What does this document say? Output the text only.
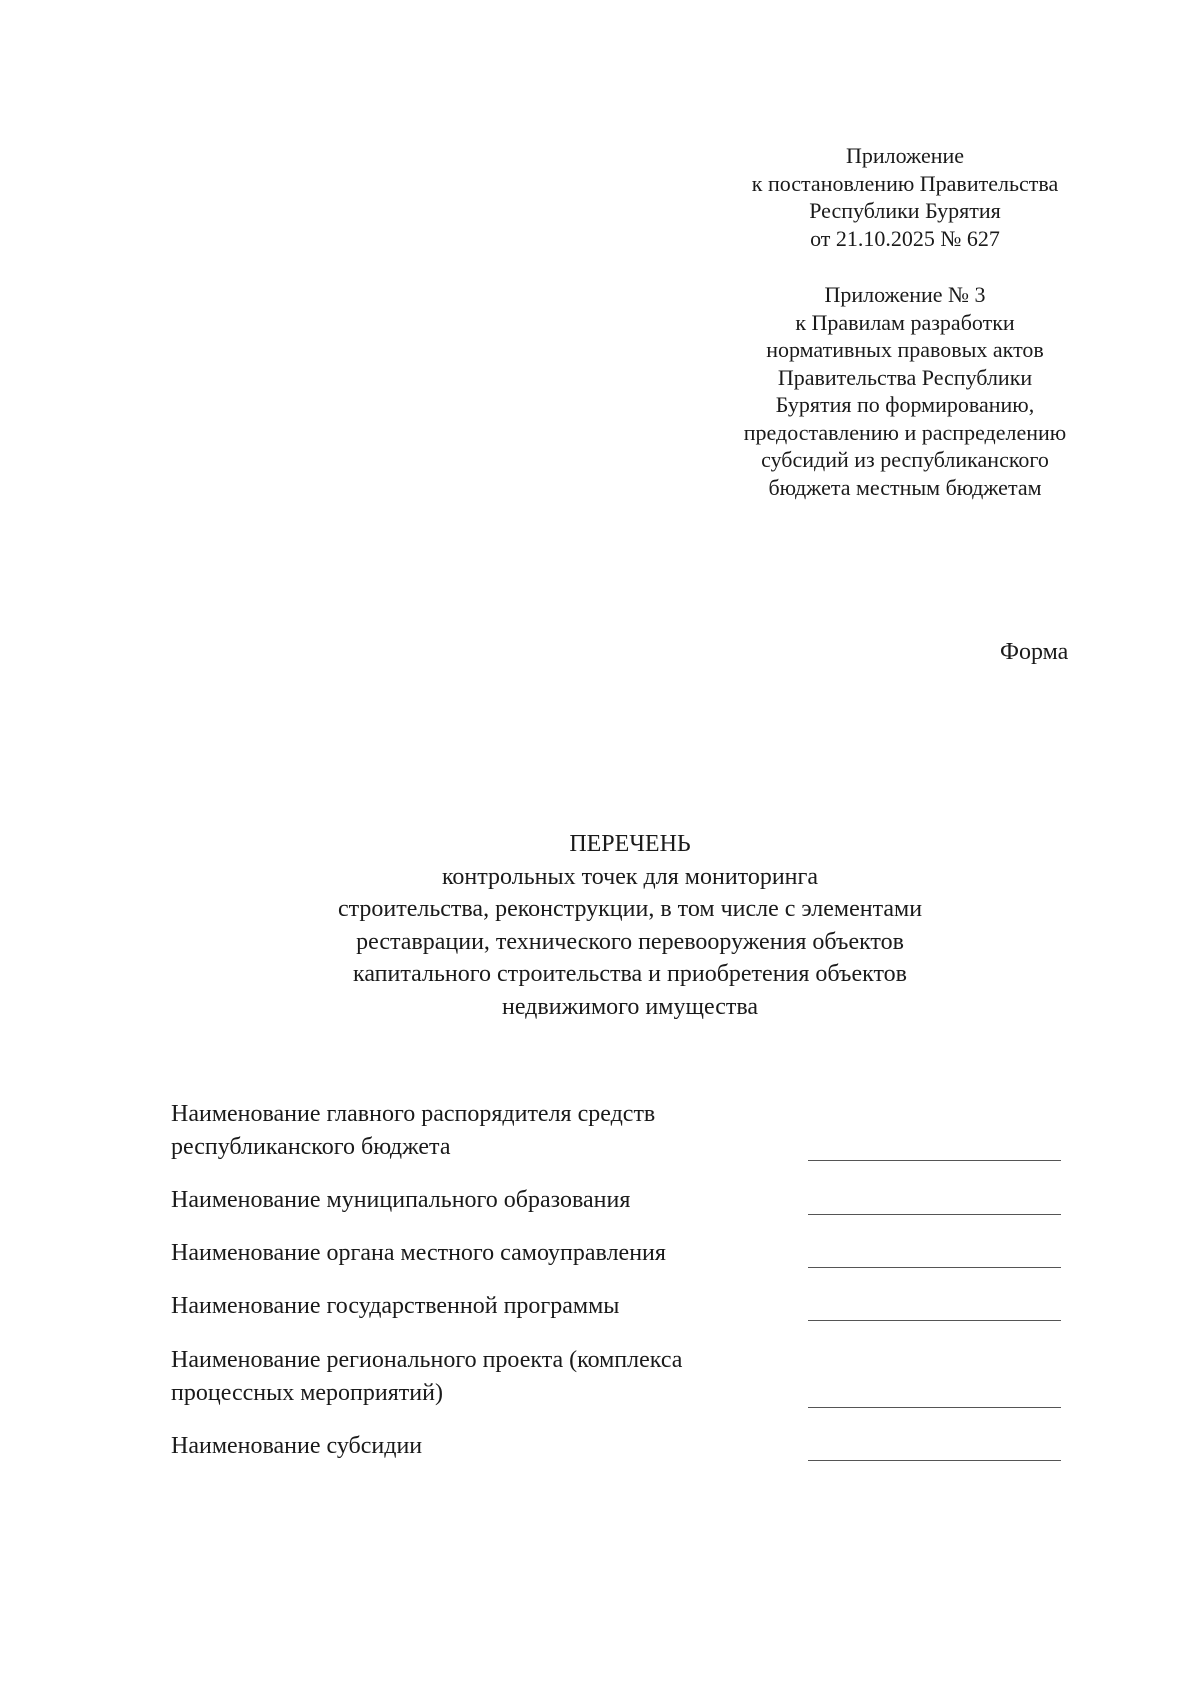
Приложение
к постановлению Правительства
Республики Бурятия
от 21.10.2025 № 627
Приложение № 3
к Правилам разработки
нормативных правовых актов
Правительства Республики
Бурятия по формированию,
предоставлению и распределению
субсидий из республиканского
бюджета местным бюджетам
Форма
ПЕРЕЧЕНЬ
контрольных точек для мониторинга
строительства, реконструкции, в том числе с элементами
реставрации, технического перевооружения объектов
капитального строительства и приобретения объектов
недвижимого имущества
Наименование главного распорядителя средств
республиканского бюджета
Наименование муниципального образования
Наименование органа местного самоуправления
Наименование государственной программы
Наименование регионального проекта (комплекса
процессных мероприятий)
Наименование субсидии
